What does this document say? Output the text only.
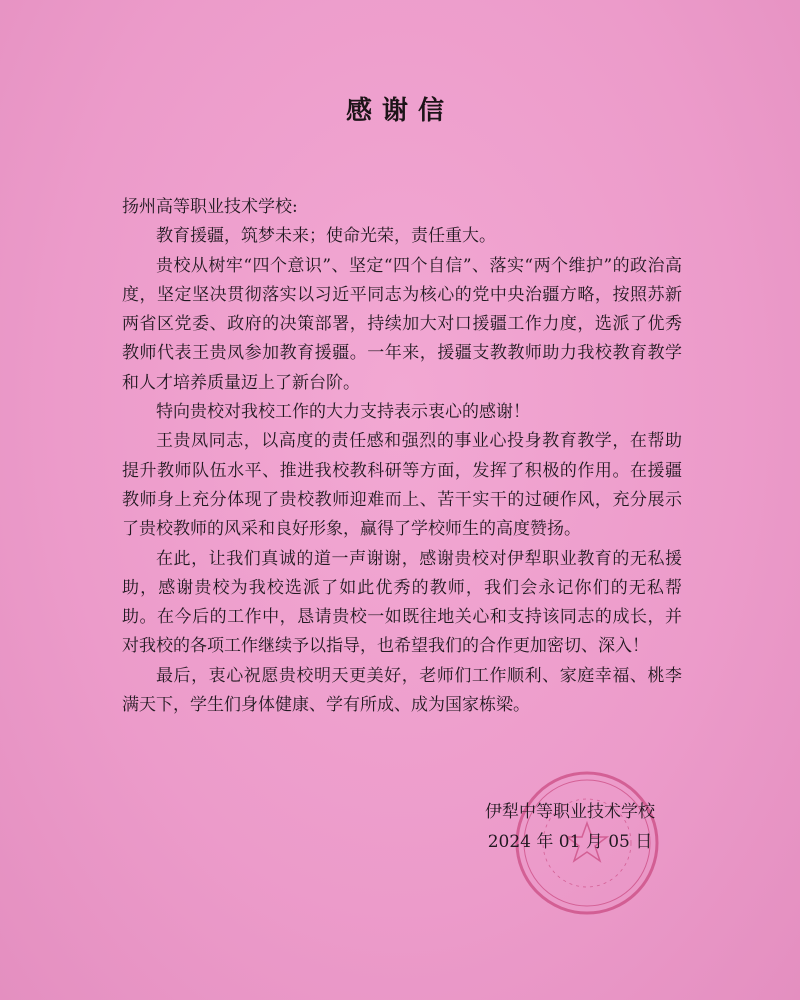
感谢信

扬州高等职业技术学校:

教育援疆，筑梦未来；使命光荣，责任重大。

贵校从树牢“四个意识”、坚定“四个自信”、落实“两个维护”的政治高度，坚定坚决贯彻落实以习近平同志为核心的党中央治疆方略，按照苏新两省区党委、政府的决策部署，持续加大对口援疆工作力度，选派了优秀教师代表王贵凤参加教育援疆。一年来，援疆支教教师助力我校教育教学和人才培养质量迈上了新台阶。

特向贵校对我校工作的大力支持表示衷心的感谢！

王贵凤同志，以高度的责任感和强烈的事业心投身教育教学，在帮助提升教师队伍水平、推进我校教科研等方面，发挥了积极的作用。在援疆教师身上充分体现了贵校教师迎难而上、苦干实干的过硬作风，充分展示了贵校教师的风采和良好形象，赢得了学校师生的高度赞扬。

在此，让我们真诚的道一声谢谢，感谢贵校对伊犁职业教育的无私援助，感谢贵校为我校选派了如此优秀的教师，我们会永记你们的无私帮助。在今后的工作中，恳请贵校一如既往地关心和支持该同志的成长，并对我校的各项工作继续予以指导，也希望我们的合作更加密切、深入！

最后，衷心祝愿贵校明天更美好，老师们工作顺利、家庭幸福、桃李满天下，学生们身体健康、学有所成、成为国家栋梁。

伊犁中等职业技术学校
2024 年 01 月 05 日
